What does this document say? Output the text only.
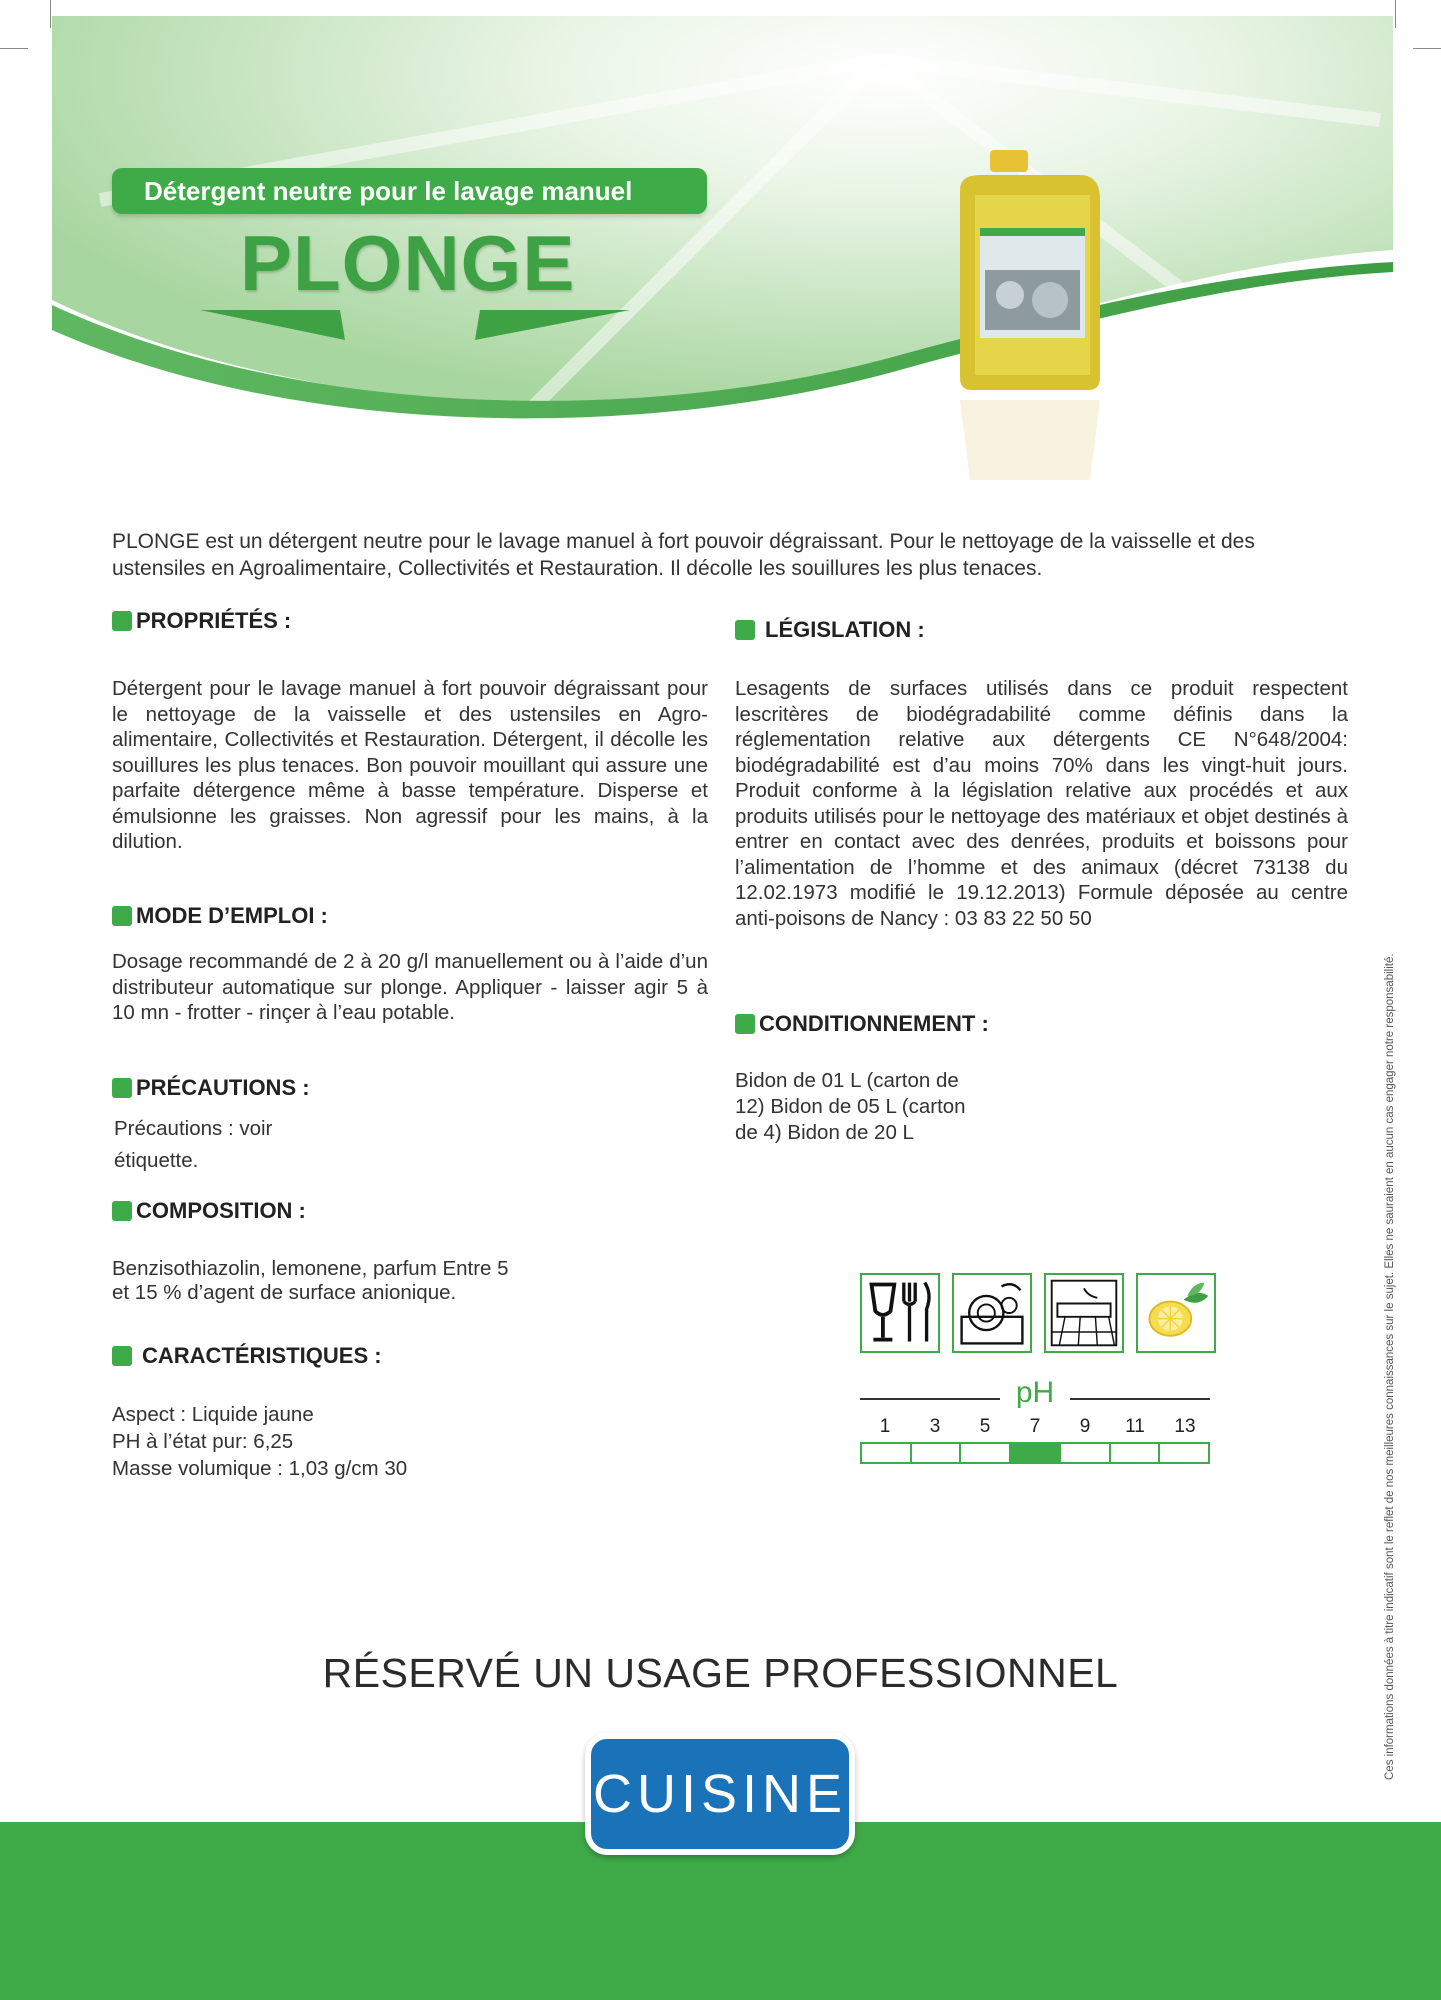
Détergent neutre pour le lavage manuel
PLONGE
PLONGE est un détergent neutre pour le lavage manuel à fort pouvoir dégraissant. Pour le nettoyage de la vaisselle et des ustensiles en Agroalimentaire, Collectivités et Restauration. Il décolle les souillures les plus tenaces.
PROPRIÉTÉS :
Détergent pour le lavage manuel à fort pouvoir dégraissant pour le nettoyage de la vaisselle et des ustensiles en Agro- alimentaire, Collectivités et Restauration. Détergent, il décolle les souillures les plus tenaces. Bon pouvoir mouillant qui assure une parfaite détergence même à basse température. Disperse et émulsionne les graisses. Non agressif pour les mains, à la dilution.
MODE D’EMPLOI :
Dosage recommandé de 2 à 20 g/l manuellement ou à l’aide d’un distributeur automatique sur plonge. Appliquer - laisser agir 5 à 10 mn - frotter - rinçer à l’eau potable.
PRÉCAUTIONS :
Précautions : voir
étiquette.
COMPOSITION :
Benzisothiazolin, lemonene, parfum Entre 5
et 15 % d’agent de surface anionique.
CARACTÉRISTIQUES :
Aspect : Liquide jaune
PH à l’état pur: 6,25
Masse volumique : 1,03 g/cm 30
LÉGISLATION :
Lesagents de surfaces utilisés dans ce produit respectent lescritères de biodégradabilité comme définis dans la réglementation relative aux détergents CE N°648/2004: biodégradabilité est d’au moins 70% dans les vingt-huit jours. Produit conforme à la législation relative aux procédés et aux produits utilisés pour le nettoyage des matériaux et objet destinés à entrer en contact avec des denrées, produits et boissons pour l’alimentation de l’homme et des animaux (décret 73138 du 12.02.1973 modifié le 19.12.2013) Formule déposée au centre anti-poisons de Nancy : 03 83 22 50 50
CONDITIONNEMENT :
Bidon de 01 L (carton de
12) Bidon de 05 L (carton
de 4) Bidon de 20 L
pH
1	3	5	7	9	11	13
RÉSERVÉ UN USAGE PROFESSIONNEL
CUISINE
Ces informations données à titre indicatif sont le reflet de nos meilleures connaissances sur le sujet. Elles ne sauraient en aucun cas engager notre responsabilité.
